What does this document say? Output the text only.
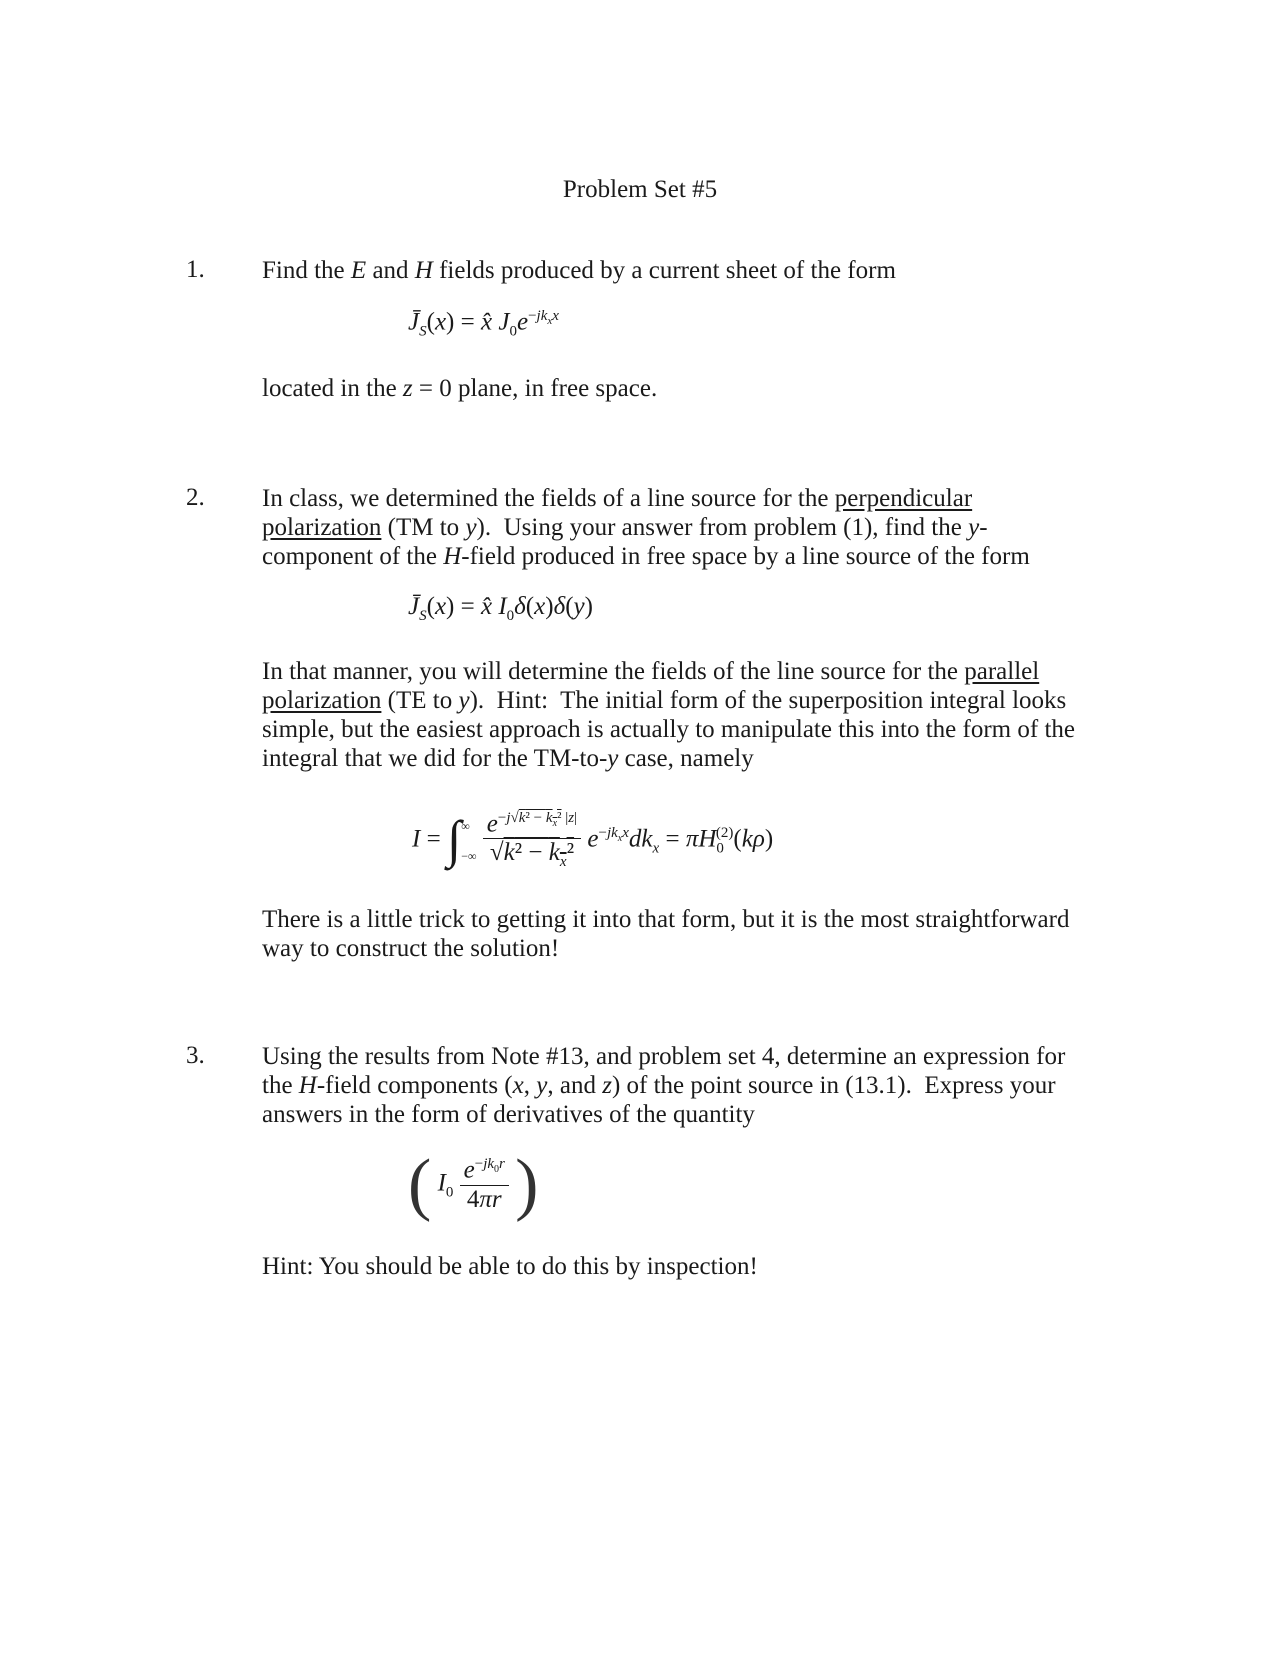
Problem Set #5
1. Find the E and H fields produced by a current sheet of the form
$J̄_S(x)$ = x̂ $J_0e^{-jk_xx}$
located in the z = 0 plane, in free space.
2. In class, we determined the fields of a line source for the perpendicular
polarization (TM to y).  Using your answer from problem (1), find the y-
component of the H-field produced in free space by a line source of the form
$J̄_S(x)$ = x̂ $I_0\delta(x)\delta(y)$
In that manner, you will determine the fields of the line source for the parallel
polarization (TE to y).  Hint:  The initial form of the superposition integral looks
simple, but the easiest approach is actually to manipulate this into the form of the
integral that we did for the TM-to-y case, namely
I = ∫ ∞
−∞
$\frac{e^{-j√k^2 - k_x^2 |z|}}{√k^2 - k_x^2} e^{-jk_xx}dk_x = \pi H_0^{(2)}(k\rho)$
There is a little trick to getting it into that form, but it is the most straightforward
way to construct the solution!
3. Using the results from Note #13, and problem set 4, determine an expression for
the H-field components (x, y, and z) of the point source in (13.1).  Express your
answers in the form of derivatives of the quantity
( $I_0 \frac{e^{-jk_0r}}{4\pi r}$ )
Hint: You should be able to do this by inspection!
